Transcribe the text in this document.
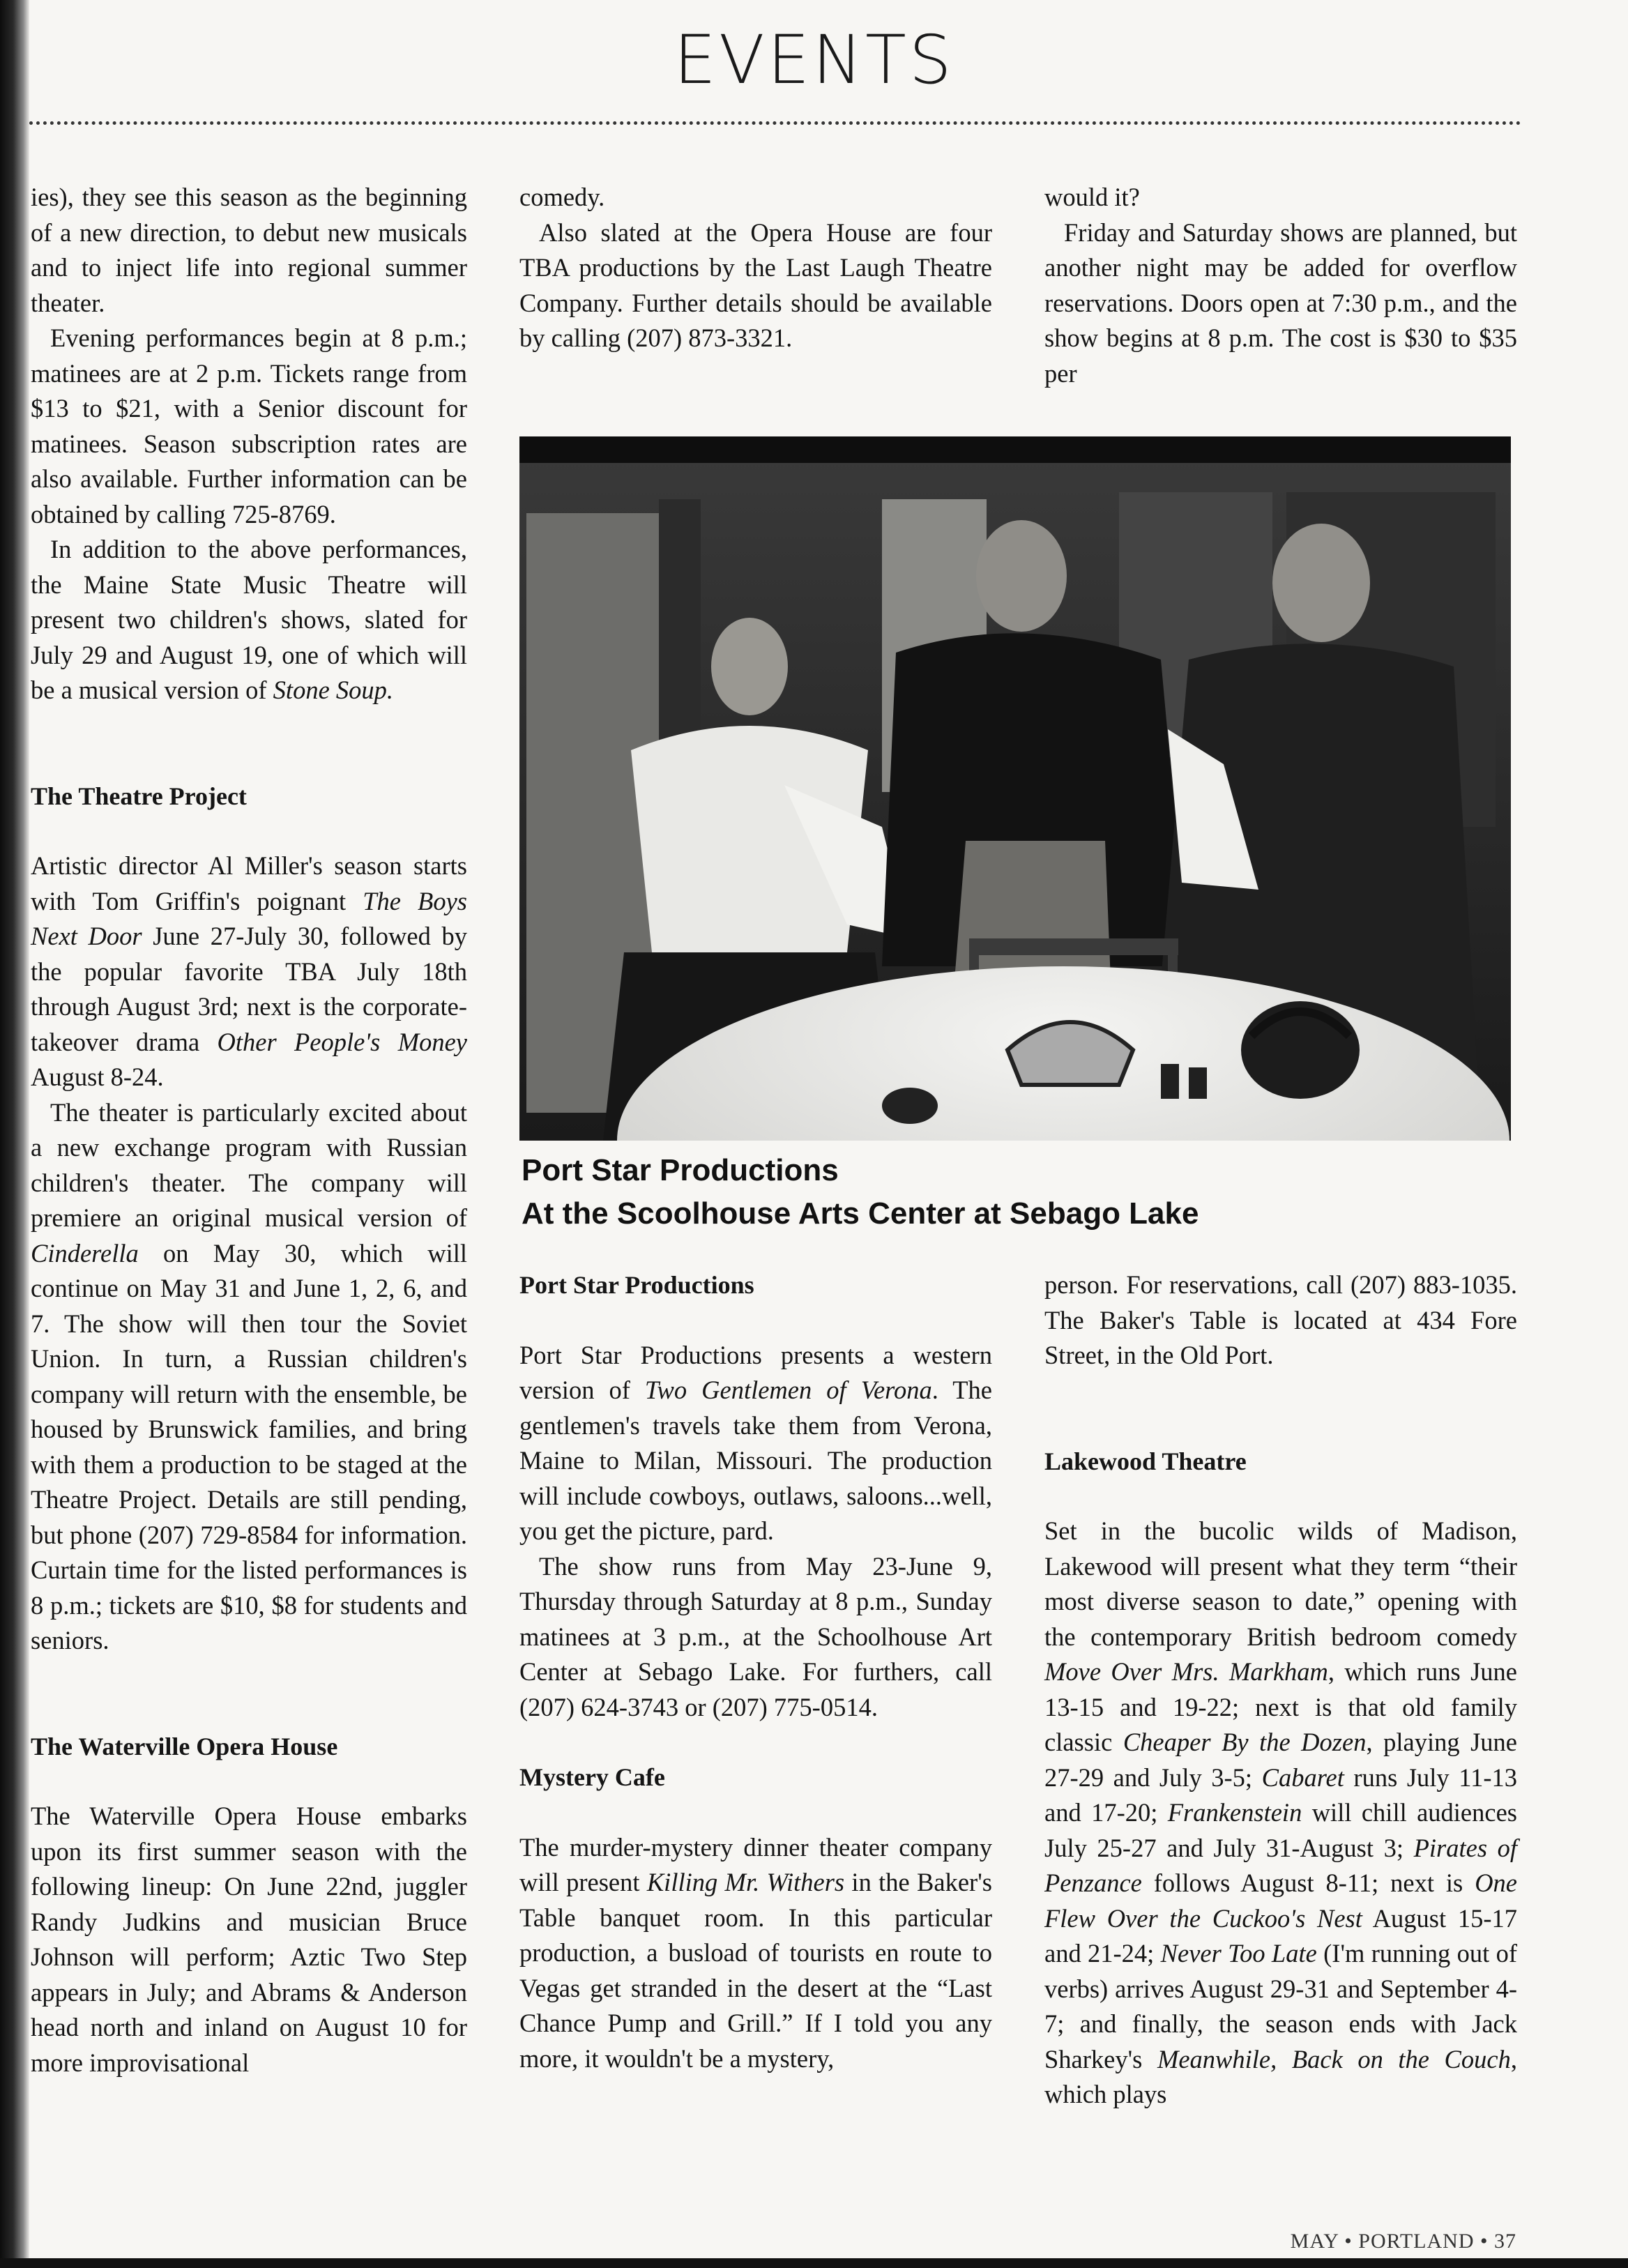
EVENTS

ies), they see this season as the beginning of a new direction, to debut new musicals and to inject life into regional summer theater.

Evening performances begin at 8 p.m.; matinees are at 2 p.m. Tickets range from $13 to $21, with a Senior discount for matinees. Season subscription rates are also available. Further information can be obtained by calling 725-8769.

In addition to the above performances, the Maine State Music Theatre will present two children's shows, slated for July 29 and August 19, one of which will be a musical version of Stone Soup.

The Theatre Project

Artistic director Al Miller's season starts with Tom Griffin's poignant The Boys Next Door June 27-July 30, followed by the popular favorite TBA July 18th through August 3rd; next is the corporate-takeover drama Other People's Money August 8-24.

The theater is particularly excited about a new exchange program with Russian children's theater. The company will premiere an original musical version of Cinderella on May 30, which will continue on May 31 and June 1, 2, 6, and 7. The show will then tour the Soviet Union. In turn, a Russian children's company will return with the ensemble, be housed by Brunswick families, and bring with them a production to be staged at the Theatre Project. Details are still pending, but phone (207) 729-8584 for information. Curtain time for the listed performances is 8 p.m.; tickets are $10, $8 for students and seniors.

The Waterville Opera House

The Waterville Opera House embarks upon its first summer season with the following lineup: On June 22nd, juggler Randy Judkins and musician Bruce Johnson will perform; Aztic Two Step appears in July; and Abrams & Anderson head north and inland on August 10 for more improvisational

comedy.

Also slated at the Opera House are four TBA productions by the Last Laugh Theatre Company. Further details should be available by calling (207) 873-3321.

would it?

Friday and Saturday shows are planned, but another night may be added for overflow reservations. Doors open at 7:30 p.m., and the show begins at 8 p.m. The cost is $30 to $35 per

Port Star Productions
At the Scoolhouse Arts Center at Sebago Lake

Port Star Productions

Port Star Productions presents a western version of Two Gentlemen of Verona. The gentlemen's travels take them from Verona, Maine to Milan, Missouri. The production will include cowboys, outlaws, saloons...well, you get the picture, pard.

The show runs from May 23-June 9, Thursday through Saturday at 8 p.m., Sunday matinees at 3 p.m., at the Schoolhouse Art Center at Sebago Lake. For furthers, call (207) 624-3743 or (207) 775-0514.

Mystery Cafe

The murder-mystery dinner theater company will present Killing Mr. Withers in the Baker's Table banquet room. In this particular production, a busload of tourists en route to Vegas get stranded in the desert at the “Last Chance Pump and Grill.” If I told you any more, it wouldn't be a mystery,

person. For reservations, call (207) 883-1035. The Baker's Table is located at 434 Fore Street, in the Old Port.

Lakewood Theatre

Set in the bucolic wilds of Madison, Lakewood will present what they term “their most diverse season to date,” opening with the contemporary British bedroom comedy Move Over Mrs. Markham, which runs June 13-15 and 19-22; next is that old family classic Cheaper By the Dozen, playing June 27-29 and July 3-5; Cabaret runs July 11-13 and 17-20; Frankenstein will chill audiences July 25-27 and July 31-August 3; Pirates of Penzance follows August 8-11; next is One Flew Over the Cuckoo's Nest August 15-17 and 21-24; Never Too Late (I'm running out of verbs) arrives August 29-31 and September 4-7; and finally, the season ends with Jack Sharkey's Meanwhile, Back on the Couch, which plays

MAY • PORTLAND • 37
